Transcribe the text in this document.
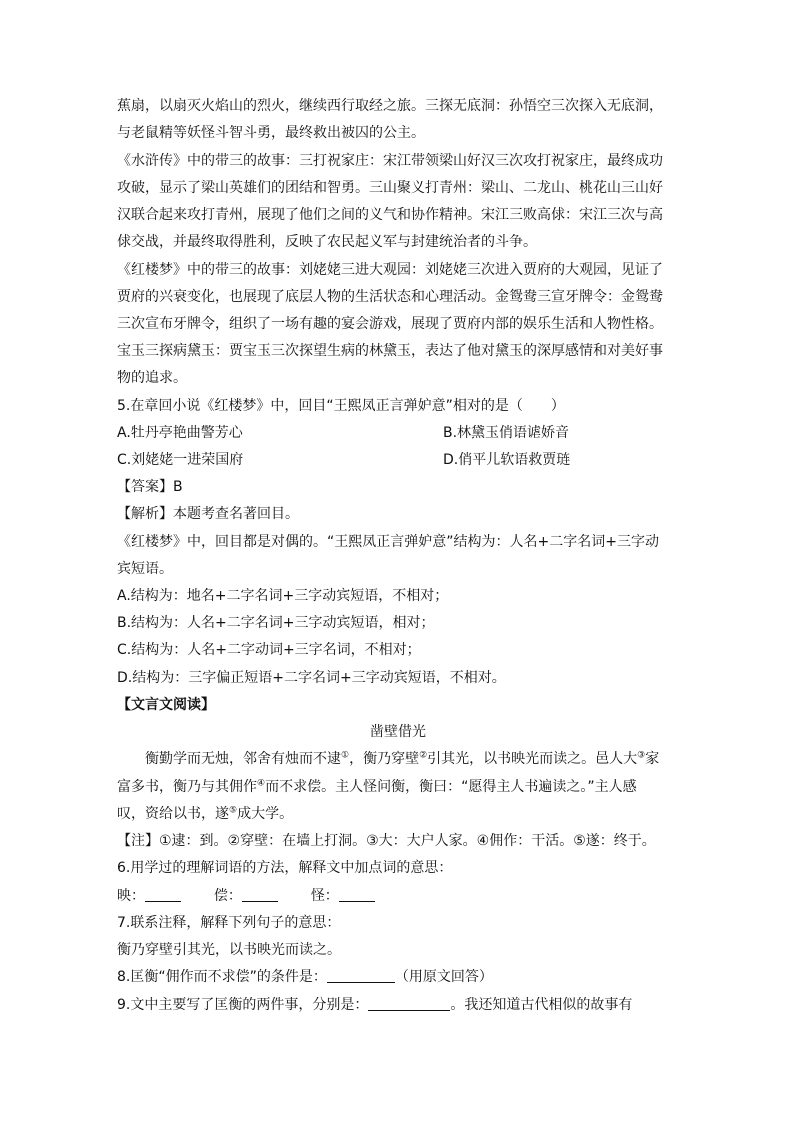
蕉扇，以扇灭火焰山的烈火，继续西行取经之旅。三探无底洞：孙悟空三次探入无底洞，
与老鼠精等妖怪斗智斗勇，最终救出被囚的公主。
《水浒传》中的带三的故事：三打祝家庄：宋江带领梁山好汉三次攻打祝家庄，最终成功
攻破，显示了梁山英雄们的团结和智勇。三山聚义打青州：梁山、二龙山、桃花山三山好
汉联合起来攻打青州，展现了他们之间的义气和协作精神。宋江三败高俅：宋江三次与高
俅交战，并最终取得胜利，反映了农民起义军与封建统治者的斗争。
《红楼梦》中的带三的故事：刘姥姥三进大观园：刘姥姥三次进入贾府的大观园，见证了
贾府的兴衰变化，也展现了底层人物的生活状态和心理活动。金鸳鸯三宣牙牌令：金鸳鸯
三次宣布牙牌令，组织了一场有趣的宴会游戏，展现了贾府内部的娱乐生活和人物性格。
宝玉三探病黛玉：贾宝玉三次探望生病的林黛玉，表达了他对黛玉的深厚感情和对美好事
物的追求。
5.在章回小说《红楼梦》中，回目“王熙凤正言弹妒意”相对的是（　　）
A.牡丹亭艳曲警芳心	B.林黛玉俏语谑娇音
C.刘姥姥一进荣国府	D.俏平儿软语救贾琏
【答案】B
【解析】本题考查名著回目。
《红楼梦》中，回目都是对偶的。“王熙凤正言弹妒意”结构为：人名+二字名词+三字动
宾短语。
A.结构为：地名+二字名词+三字动宾短语，不相对；
B.结构为：人名+二字名词+三字动宾短语，相对；
C.结构为：人名+二字动词+三字名词，不相对；
D.结构为：三字偏正短语+二字名词+三字动宾短语，不相对。
【文言文阅读】
凿壁借光
衡勤学而无烛，邻舍有烛而不逮①，衡乃穿壁②引其光，以书映光而读之。邑人大③家
富多书，衡乃与其佣作④而不求偿。主人怪问衡，衡曰：“愿得主人书遍读之。”主人感
叹，资给以书，遂⑤成大学。
【注】①逮：到。②穿壁：在墙上打洞。③大：大户人家。④佣作：干活。⑤遂：终于。
6.用学过的理解词语的方法，解释文中加点词的意思：
映：	偿：	怪：
7.联系注释，解释下列句子的意思：
衡乃穿壁引其光，以书映光而读之。
8.匡衡“佣作而不求偿”的条件是：	（用原文回答）
9.文中主要写了匡衡的两件事，分别是：	。我还知道古代相似的故事有
